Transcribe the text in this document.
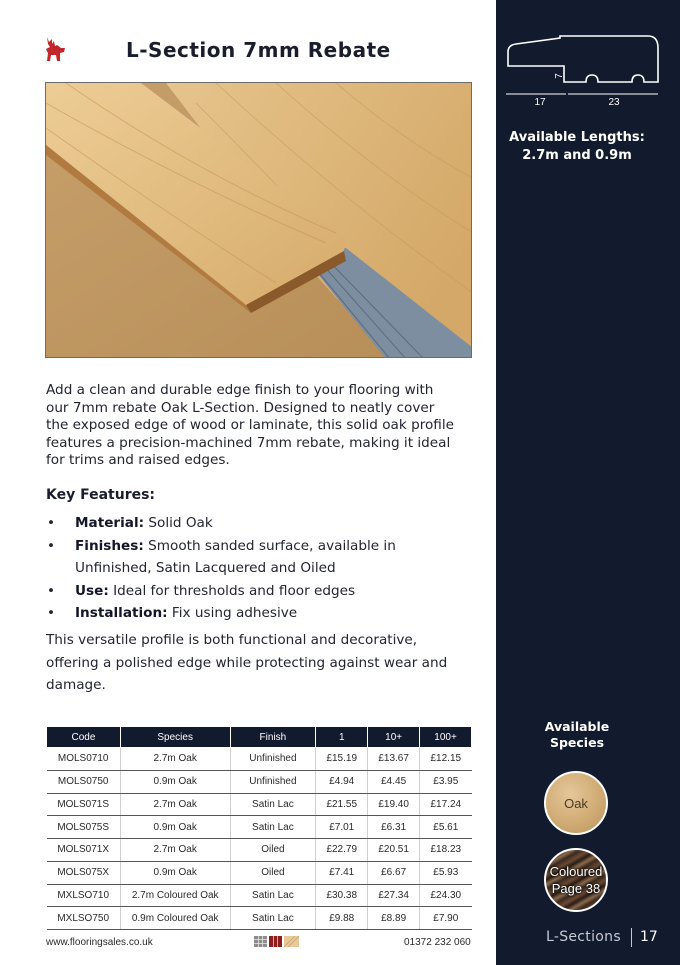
L-Section 7mm Rebate

Add a clean and durable edge finish to your flooring with our 7mm rebate Oak L-Section. Designed to neatly cover the exposed edge of wood or laminate, this solid oak profile features a precision-machined 7mm rebate, making it ideal for trims and raised edges.

Key Features:
• Material: Solid Oak
• Finishes: Smooth sanded surface, available in Unfinished, Satin Lacquered and Oiled
• Use: Ideal for thresholds and floor edges
• Installation: Fix using adhesive

This versatile profile is both functional and decorative, offering a polished edge while protecting against wear and damage.

Code	Species	Finish	1	10+	100+
MOLS0710	2.7m Oak	Unfinished	£15.19	£13.67	£12.15
MOLS0750	0.9m Oak	Unfinished	£4.94	£4.45	£3.95
MOLS071S	2.7m Oak	Satin Lac	£21.55	£19.40	£17.24
MOLS075S	0.9m Oak	Satin Lac	£7.01	£6.31	£5.61
MOLS071X	2.7m Oak	Oiled	£22.79	£20.51	£18.23
MOLS075X	0.9m Oak	Oiled	£7.41	£6.67	£5.93
MXLSO710	2.7m Coloured Oak	Satin Lac	£30.38	£27.34	£24.30
MXLSO750	0.9m Coloured Oak	Satin Lac	£9.88	£8.89	£7.90
www.flooringsales.co.uk	01372 232 060
7
17	23
Available Lengths:
2.7m and 0.9m
Available
Species
Oak
Coloured
Page 38
L-Sections 17
